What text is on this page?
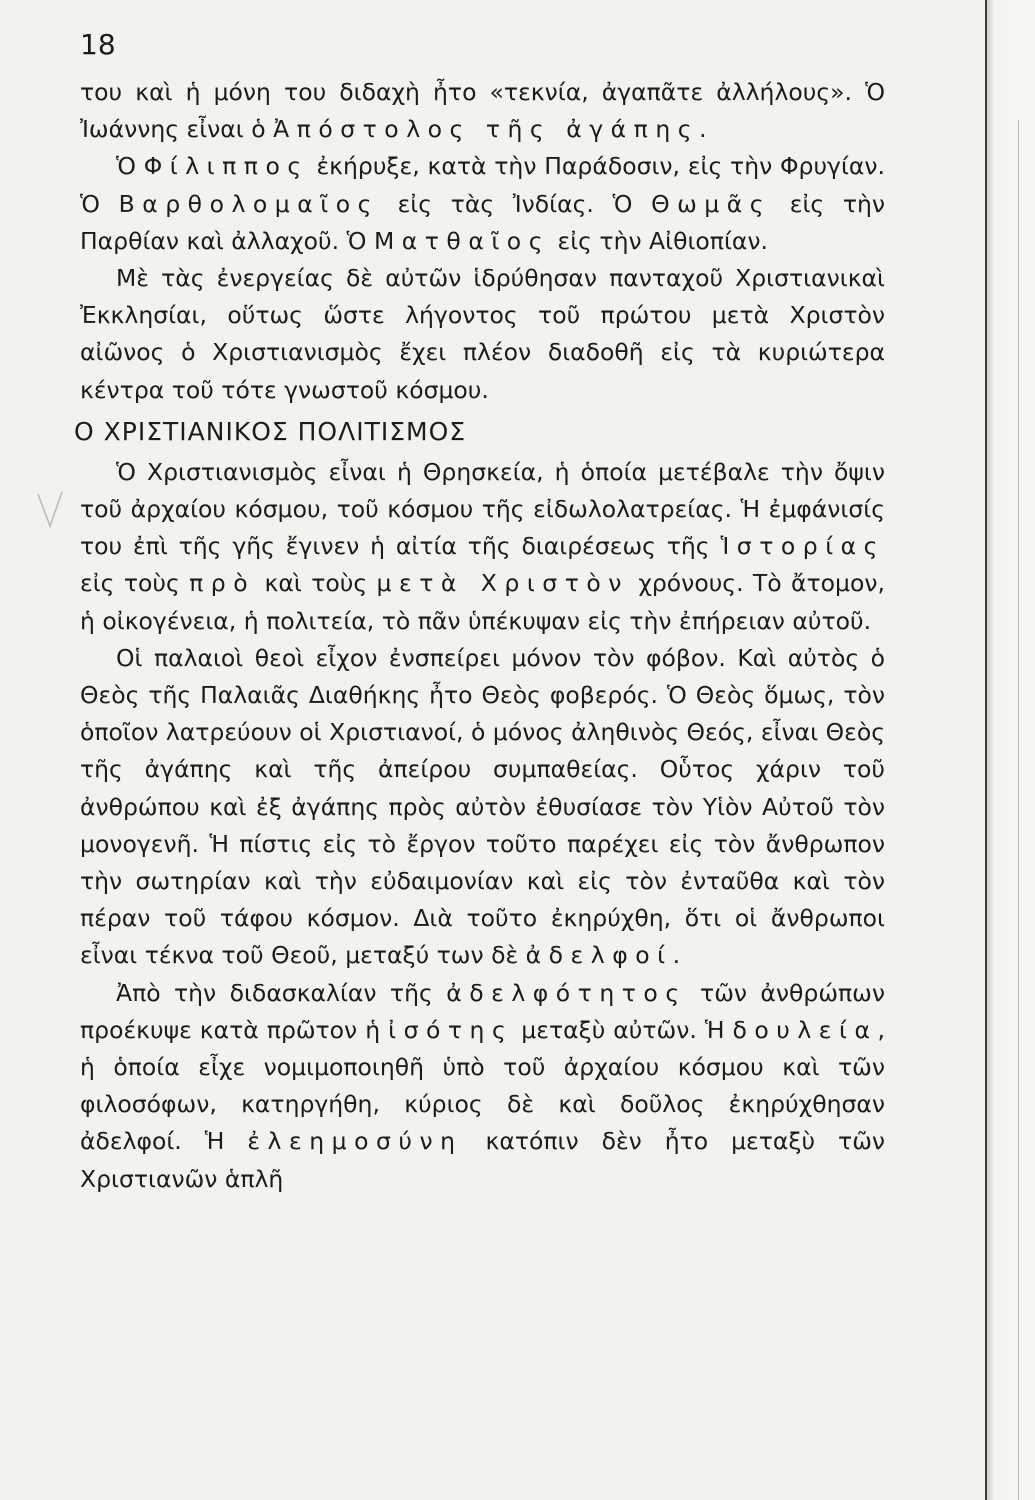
18

του καὶ ἡ μόνη του διδαχὴ ἦτο «τεκνία, ἀγαπᾶτε ἀλλήλους». Ὁ Ἰωάννης εἶναι ὁ Ἀπόστολος τῆς ἀγάπης.

Ὁ Φίλιππος ἐκήρυξε, κατὰ τὴν Παράδοσιν, εἰς τὴν Φρυγίαν. Ὁ Βαρθολομαῖος εἰς τὰς Ἰνδίας. Ὁ Θωμᾶς εἰς τὴν Παρθίαν καὶ ἀλλαχοῦ. Ὁ Ματθαῖος εἰς τὴν Αἰθιοπίαν.

Μὲ τὰς ἐνεργείας δὲ αὐτῶν ἱδρύθησαν πανταχοῦ Χριστιανικαὶ Ἐκκλησίαι, οὕτως ὥστε λήγοντος τοῦ πρώτου μετὰ Χριστὸν αἰῶνος ὁ Χριστιανισμὸς ἔχει πλέον διαδοθῆ εἰς τὰ κυριώτερα κέντρα τοῦ τότε γνωστοῦ κόσμου.

Ο ΧΡΙΣΤΙΑΝΙΚΟΣ ΠΟΛΙΤΙΣΜΟΣ

Ὁ Χριστιανισμὸς εἶναι ἡ Θρησκεία, ἡ ὁποία μετέβαλε τὴν ὄψιν τοῦ ἀρχαίου κόσμου, τοῦ κόσμου τῆς εἰδωλολατρείας. Ἡ ἐμφάνισίς του ἐπὶ τῆς γῆς ἔγινεν ἡ αἰτία τῆς διαιρέσεως τῆς Ἱστορίας εἰς τοὺς πρὸ καὶ τοὺς μετὰ Χριστὸν χρόνους. Τὸ ἄτομον, ἡ οἰκογένεια, ἡ πολιτεία, τὸ πᾶν ὑπέκυψαν εἰς τὴν ἐπήρειαν αὐτοῦ.

Οἱ παλαιοὶ θεοὶ εἶχον ἐνσπείρει μόνον τὸν φόβον. Καὶ αὐτὸς ὁ Θεὸς τῆς Παλαιᾶς Διαθήκης ἦτο Θεὸς φοβερός. Ὁ Θεὸς ὅμως, τὸν ὁποῖον λατρεύουν οἱ Χριστιανοί, ὁ μόνος ἀληθινὸς Θεός, εἶναι Θεὸς τῆς ἀγάπης καὶ τῆς ἀπείρου συμπαθείας. Οὗτος χάριν τοῦ ἀνθρώπου καὶ ἐξ ἀγάπης πρὸς αὐτὸν ἐθυσίασε τὸν Υἱὸν Αὐτοῦ τὸν μονογενῆ. Ἡ πίστις εἰς τὸ ἔργον τοῦτο παρέχει εἰς τὸν ἄνθρωπον τὴν σωτηρίαν καὶ τὴν εὐδαιμονίαν καὶ εἰς τὸν ἐνταῦθα καὶ τὸν πέραν τοῦ τάφου κόσμον. Διὰ τοῦτο ἐκηρύχθη, ὅτι οἱ ἄνθρωποι εἶναι τέκνα τοῦ Θεοῦ, μεταξύ των δὲ ἀδελφοί.

Ἀπὸ τὴν διδασκαλίαν τῆς ἀδελφότητος τῶν ἀνθρώπων προέκυψε κατὰ πρῶτον ἡ ἰσότης μεταξὺ αὐτῶν. Ἡ δουλεία, ἡ ὁποία εἶχε νομιμοποιηθῆ ὑπὸ τοῦ ἀρχαίου κόσμου καὶ τῶν φιλοσόφων, κατηργήθη, κύριος δὲ καὶ δοῦλος ἐκηρύχθησαν ἀδελφοί. Ἡ ἐλεημοσύνη κατόπιν δὲν ἦτο μεταξὺ τῶν Χριστιανῶν ἁπλῆ
